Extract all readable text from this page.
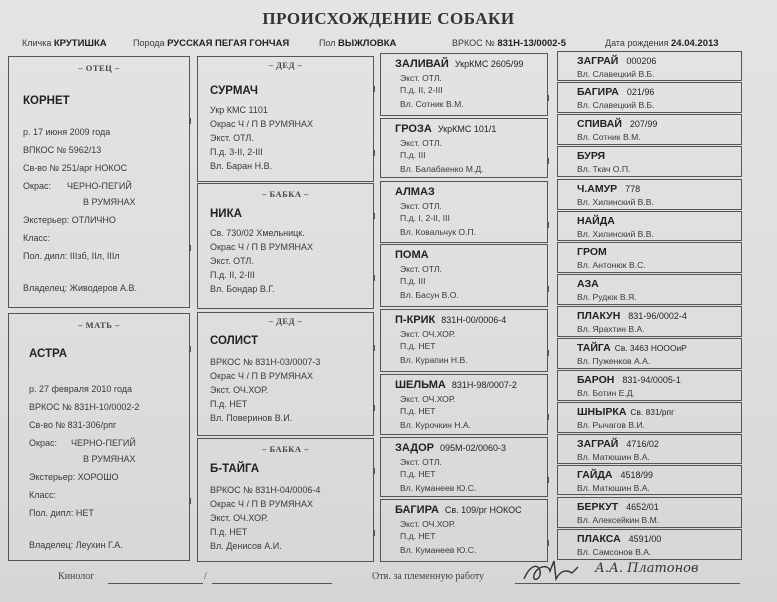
ПРОИСХОЖДЕНИЕ СОБАКИ
Кличка КРУТИШКА	Порода РУССКАЯ ПЕГАЯ ГОНЧАЯ	Пол ВЫЖЛОВКА	ВРКОС № 831Н-13/0002-5	Дата рождения 24.04.2013
– ОТЕЦ –
КОРНЕТ
р. 17 июня 2009 года
ВПКОС № 5962/13
Св-во № 251/арг НОКОС
Окрас: ЧЕРНО-ПЕГИЙ
В РУМЯНАХ
Экстерьер: ОТЛИЧНО
Класс:
Пол. дипл: IIIзб, IIл, IIIл
Владелец: Живодеров А.В.
– МАТЬ –
АСТРА
р. 27 февраля 2010 года
ВРКОС № 831Н-10/0002-2
Св-во № 831-306/рпг
Окрас: ЧЕРНО-ПЕГИЙ
В РУМЯНАХ
Экстерьер: ХОРОШО
Класс:
Пол. дипл: НЕТ
Владелец: Леухин Г.А.
– ДЕД –
СУРМАЧ
Укр КМС 1101
Окрас Ч / П В РУМЯНАХ
Экст. ОТЛ.
П.д. 3-II, 2-III
Вл. Баран Н.В.
– БАБКА –
НИКА
Св. 730/02 Хмельницк.
Окрас Ч / П В РУМЯНАХ
Экст. ОТЛ.
П.д. II, 2-III
Вл. Бондар В.Г.
– ДЕД –
СОЛИСТ
ВРКОС № 831Н-03/0007-3
Окрас Ч / П В РУМЯНАХ
Экст. ОЧ.ХОР.
П.д. НЕТ
Вл. Поверинов В.И.
– БАБКА –
Б-ТАЙГА
ВРКОС № 831Н-04/0006-4
Окрас Ч / П В РУМЯНАХ
Экст. ОЧ.ХОР.
П.д. НЕТ
Вл. Денисов А.И.
ЗАЛИВАЙ УкрКМС 2605/99
Экст. ОТЛ.
П.д. II, 2-III
Вл. Сотник В.М.
ГРОЗА УкрКМС 101/1
Экст. ОТЛ.
П.д. III
Вл. Балабаенко М.Д.
АЛМАЗ
Экст. ОТЛ.
П.д. I, 2-II, III
Вл. Ковальчук О.П.
ПОМА
Экст. ОТЛ.
П.д. III
Вл. Басун В.О.
П-КРИК 831Н-00/0006-4
Экст. ОЧ.ХОР.
П.д. НЕТ
Вл. Курапин Н.В.
ШЕЛЬМА 831Н-98/0007-2
Экст. ОЧ.ХОР.
П.д. НЕТ
Вл. Курочкин Н.А.
ЗАДОР 095М-02/0060-3
Экст. ОТЛ.
П.д. НЕТ
Вл. Куманеев Ю.С.
БАГИРА Св. 109/рг НОКОС
Экст. ОЧ.ХОР.
П.д. НЕТ
Вл. Куманеев Ю.С.
ЗАГРАЙ 000206
Вл. Славецкий В.Б.
БАГИРА 021/96
Вл. Славецкий В.Б.
СПИВАЙ 207/99
Вл. Сотник В.М.
БУРЯ
Вл. Ткач О.П.
Ч.АМУР 778
Вл. Хилинский В.В.
НАЙДА
Вл. Хилинский В.В.
ГРОМ
Вл. Антонюк В.С.
АЗА
Вл. Рудюк В.Я.
ПЛАКУН 831-96/0002-4
Вл. Ярахтин В.А.
ТАЙГА Св. 3463 НОООиР
Вл. Пуженков А.А.
БАРОН 831-94/0005-1
Вл. Ботин Е.Д.
ШНЫРКА Св. 831/рпг
Вл. Рычагов В.И.
ЗАГРАЙ 4716/02
Вл. Матюшин В.А.
ГАЙДА 4518/99
Вл. Матюшин В.А.
БЕРКУТ 4652/01
Вл. Алексейкин В.М.
ПЛАКСА 4591/00
Вл. Самсонов В.А.
Кинолог	/	Отв. за племенную работу
А.А. Платонов
